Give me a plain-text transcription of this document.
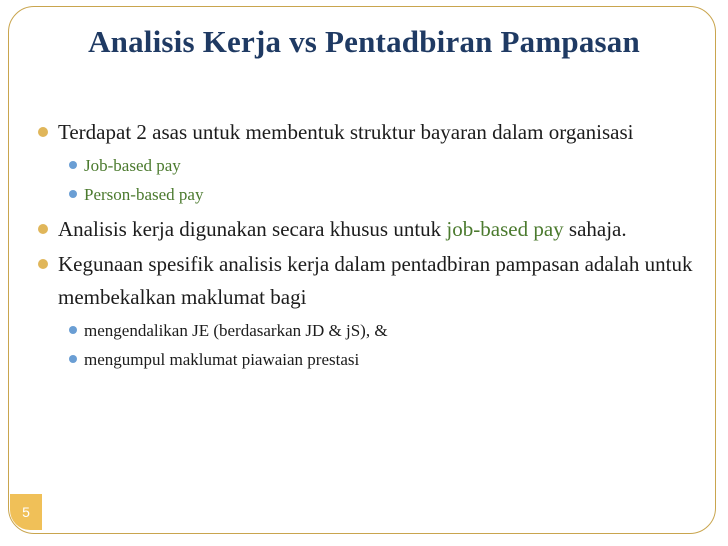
Analisis Kerja vs Pentadbiran Pampasan
Terdapat 2 asas untuk membentuk struktur bayaran dalam organisasi
Job-based pay
Person-based pay
Analisis kerja digunakan secara khusus untuk job-based pay sahaja.
Kegunaan spesifik analisis kerja dalam pentadbiran pampasan adalah untuk membekalkan maklumat bagi
mengendalikan JE (berdasarkan JD & jS), &
mengumpul maklumat piawaian prestasi
5
